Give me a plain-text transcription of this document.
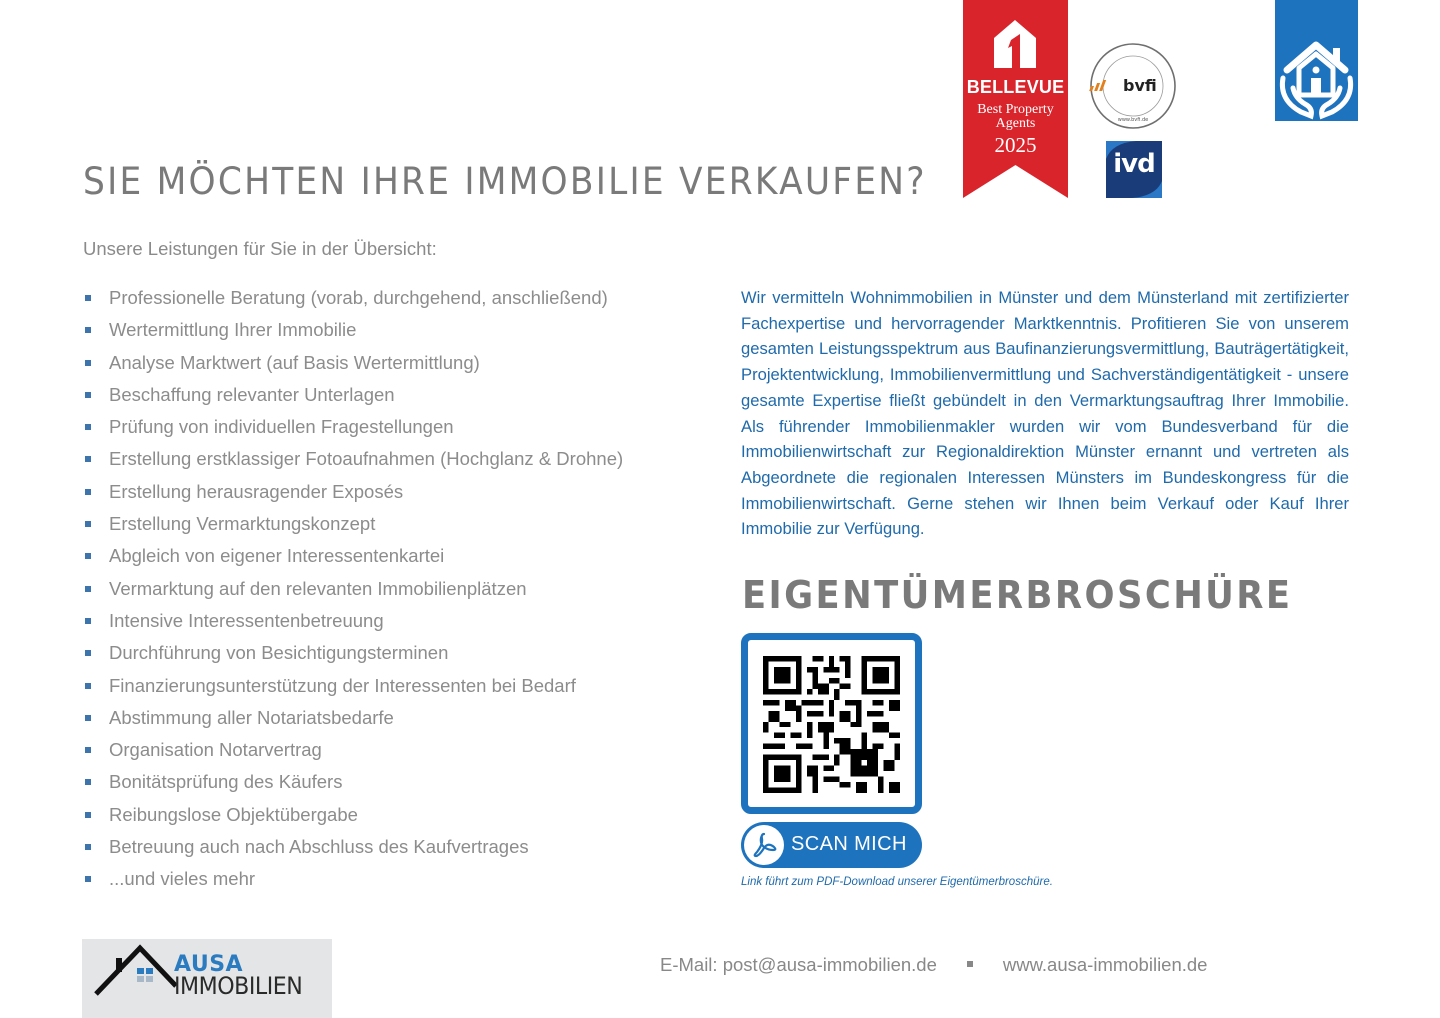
BELLEVUE
Best Property
Agents
2025
bvfi
www.bvfi.de
ivd
SIE MÖCHTEN IHRE IMMOBILIE VERKAUFEN?
Unsere Leistungen für Sie in der Übersicht:
Professionelle Beratung (vorab, durchgehend, anschließend)
Wertermittlung Ihrer Immobilie
Analyse Marktwert (auf Basis Wertermittlung)
Beschaffung relevanter Unterlagen
Prüfung von individuellen Fragestellungen
Erstellung erstklassiger Fotoaufnahmen (Hochglanz & Drohne)
Erstellung herausragender Exposés
Erstellung Vermarktungskonzept
Abgleich von eigener Interessentenkartei
Vermarktung auf den relevanten Immobilienplätzen
Intensive Interessentenbetreuung
Durchführung von Besichtigungsterminen
Finanzierungsunterstützung der Interessenten bei Bedarf
Abstimmung aller Notariatsbedarfe
Organisation Notarvertrag
Bonitätsprüfung des Käufers
Reibungslose Objektübergabe
Betreuung auch nach Abschluss des Kaufvertrages
...und vieles mehr

Wir vermitteln Wohnimmobilien in Münster und dem Münsterland mit zertifizierter Fachexpertise und hervorragender Marktkenntnis. Profitieren Sie von unserem gesamten Leistungsspektrum aus Baufinanzierungsvermittlung, Bauträgertätigkeit, Projektentwicklung, Immobilienvermittlung und Sachverständigentätigkeit - unsere gesamte Expertise fließt gebündelt in den Vermarktungsauftrag Ihrer Immobilie. Als führender Immobilienmakler wurden wir vom Bundesverband für die Immobilienwirtschaft zur Regionaldirektion Münster ernannt und vertreten als Abgeordnete die regionalen Interessen Münsters im Bundeskongress für die Immobilienwirtschaft. Gerne stehen wir Ihnen beim Verkauf oder Kauf Ihrer Immobilie zur Verfügung.

EIGENTÜMERBROSCHÜRE
SCAN MICH
Link führt zum PDF-Download unserer Eigentümerbroschüre.
AUSA
IMMOBILIEN
E-Mail: post@ausa-immobilien.de	www.ausa-immobilien.de
